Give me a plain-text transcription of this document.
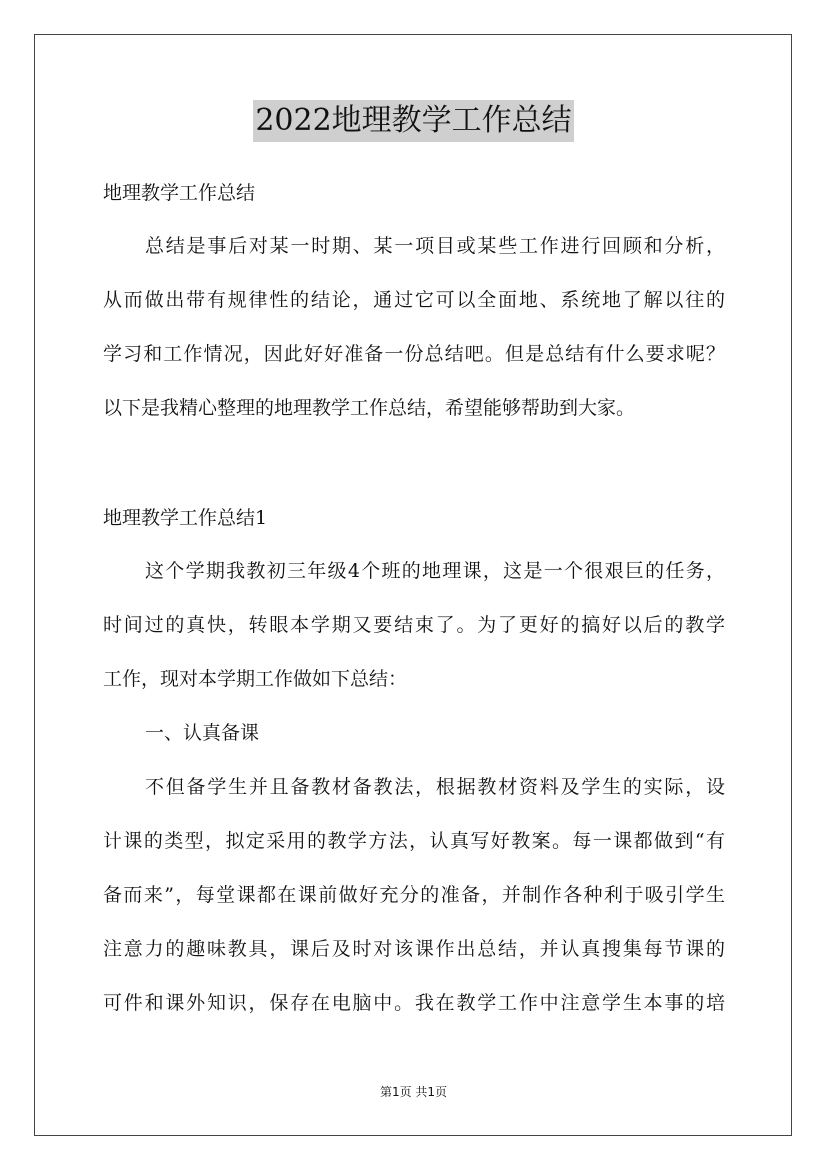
2022地理教学工作总结
地理教学工作总结
总结是事后对某一时期、某一项目或某些工作进行回顾和分析，
从而做出带有规律性的结论，通过它可以全面地、系统地了解以往的
学习和工作情况，因此好好准备一份总结吧。但是总结有什么要求呢？
以下是我精心整理的地理教学工作总结，希望能够帮助到大家。
地理教学工作总结1
这个学期我教初三年级4个班的地理课，这是一个很艰巨的任务，
时间过的真快，转眼本学期又要结束了。为了更好的搞好以后的教学
工作，现对本学期工作做如下总结：
一、认真备课
不但备学生并且备教材备教法，根据教材资料及学生的实际，设
计课的类型，拟定采用的教学方法，认真写好教案。每一课都做到“有
备而来”，每堂课都在课前做好充分的准备，并制作各种利于吸引学生
注意力的趣味教具，课后及时对该课作出总结，并认真搜集每节课的
可件和课外知识，保存在电脑中。我在教学工作中注意学生本事的培
第1页 共1页
